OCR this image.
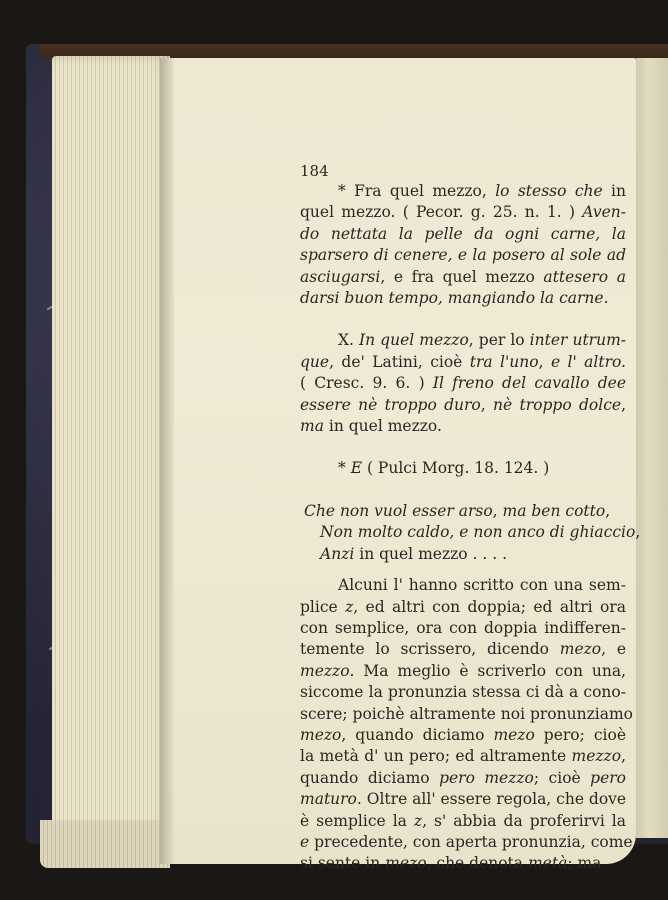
184
* Fra quel mezzo, lo stesso che in
quel mezzo. ( Pecor. g. 25. n. 1. ) Aven-
do nettata la pelle da ogni carne, la
sparsero di cenere, e la posero al sole ad
asciugarsi, e fra quel mezzo attesero a
darsi buon tempo, mangiando la carne.
X. In quel mezzo, per lo inter utrum-
que, de' Latini, cioè tra l'uno, e l' altro.
( Cresc. 9. 6. ) Il freno del cavallo dee
essere nè troppo duro, nè troppo dolce,
ma in quel mezzo.
* E ( Pulci Morg. 18. 124. )
Che non vuol esser arso, ma ben cotto,
Non molto caldo, e non anco di ghiaccio,
Anzi in quel mezzo . . . .
Alcuni l' hanno scritto con una sem-
plice z, ed altri con doppia; ed altri ora
con semplice, ora con doppia indifferen-
temente lo scrissero, dicendo mezo, e
mezzo. Ma meglio è scriverlo con una,
siccome la pronunzia stessa ci dà a cono-
scere; poichè altramente noi pronunziamo
mezo, quando diciamo mezo pero; cioè
la metà d' un pero; ed altramente mezzo,
quando diciamo pero mezzo; cioè pero
maturo. Oltre all' essere regola, che dove
è semplice la z, s' abbia da proferirvi la
e precedente, con aperta pronunzia, come
si sente in mezo, che denota metà; ma
